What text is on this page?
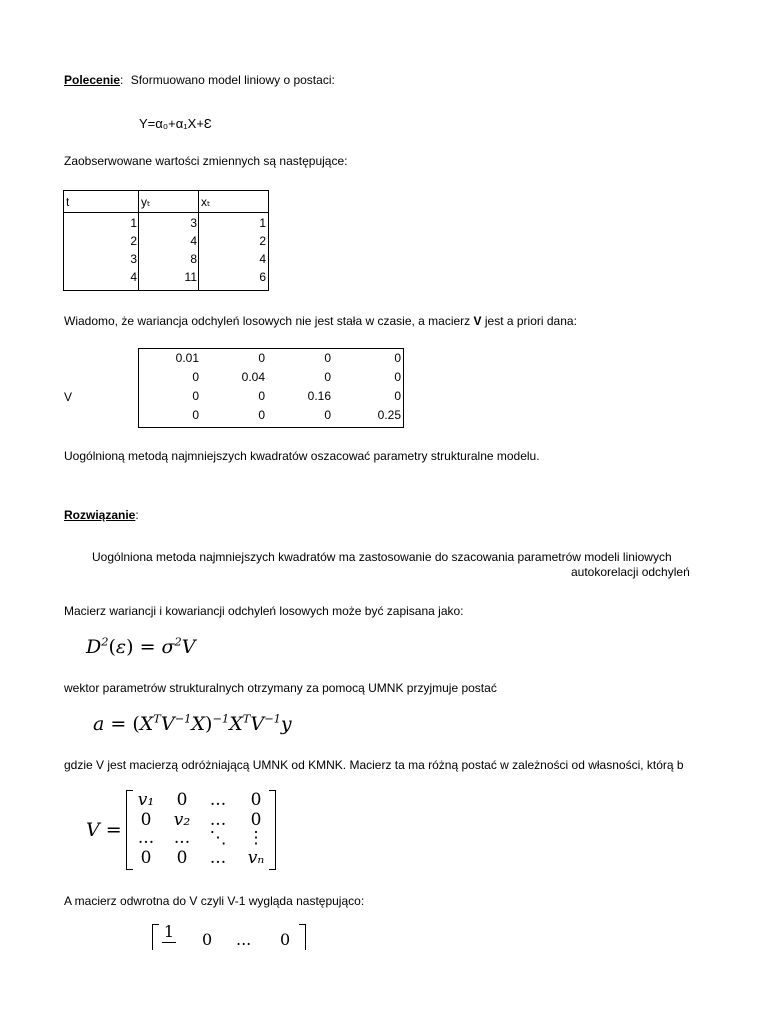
Polecenie: Sformuowano model liniowy o postaci:
Y=α₀+α₁X+Ɛ
Zaobserwowane wartości zmiennych są następujące:
t	yₜ	xₜ
1	3	1
2	4	2
3	8	4
4	11	6
Wiadomo, że wariancja odchyleń losowych nie jest stała w czasie, a macierz V jest a priori dana:
V
0.01	0	0	0
0	0.04	0	0
0	0	0.16	0
0	0	0	0.25
Uogólnioną metodą najmniejszych kwadratów oszacować parametry strukturalne modelu.
Rozwiązanie:
Uogólniona metoda najmniejszych kwadratów ma zastosowanie do szacowania parametrów modeli liniowych
autokorelacji odchyleń
Macierz wariancji i kowariancji odchyleń losowych może być zapisana jako:
$D^2(\varepsilon) = \sigma^2V$
wektor parametrów strukturalnych otrzymany za pomocą UMNK przyjmuje postać
$a = (X^TV^{-1}X)^{-1}X^TV^{-1}y$
gdzie V jest macierzą odróżniającą UMNK od KMNK. Macierz ta ma różną postać w zależności od własności, którą b
V =
v₁	0	...	0
0	v₂	...	0
...	...	⋱	⋮
0	0	...	vₙ
A macierz odwrotna do V czyli V-1 wygląda następująco:
1 0 ... 0
